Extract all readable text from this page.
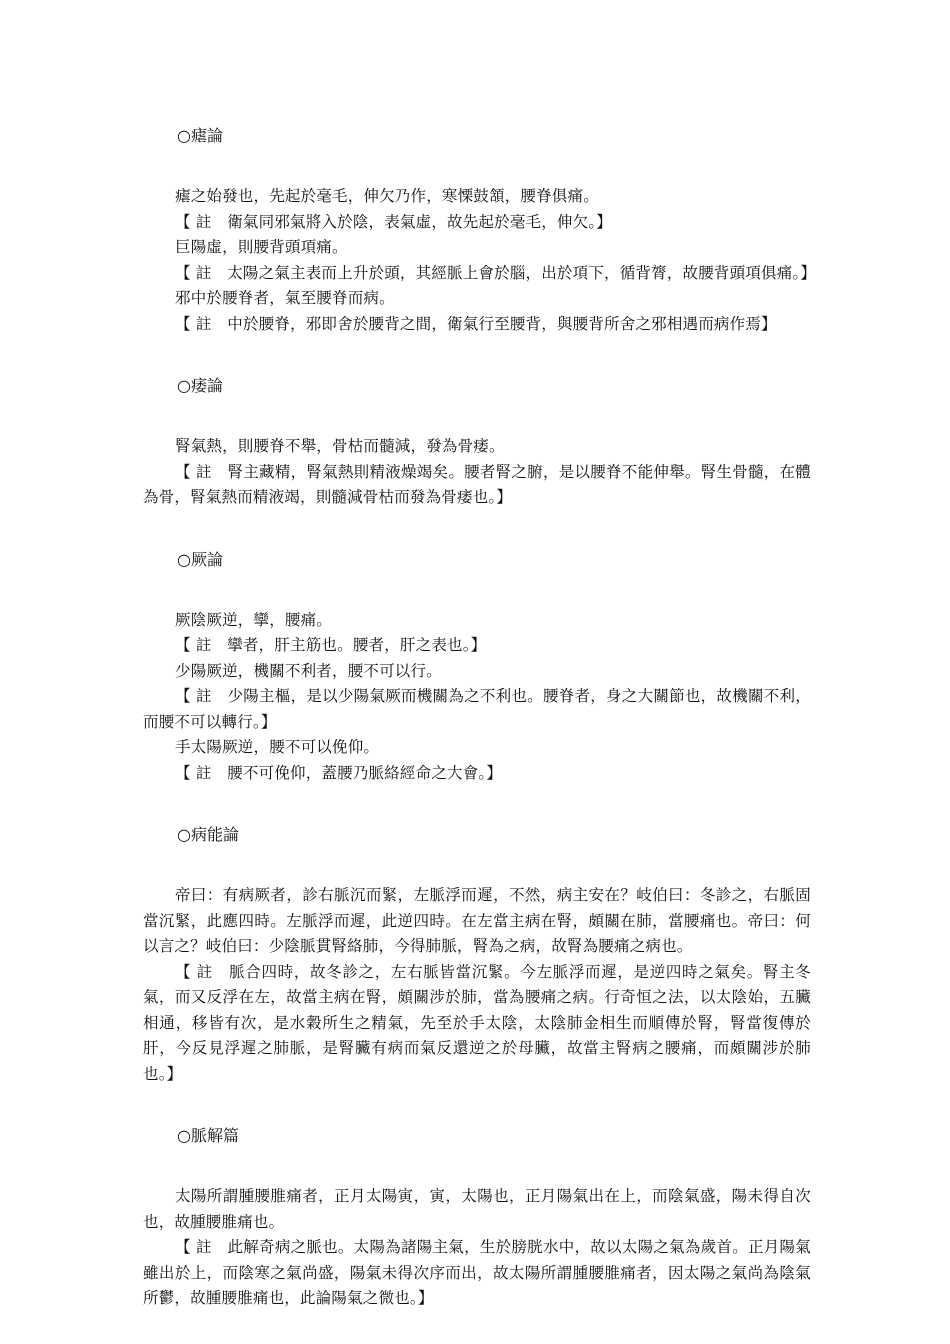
○瘧論

瘧之始發也，先起於毫毛，伸欠乃作，寒慄鼓頷，腰脊俱痛。

【 註　衛氣同邪氣將入於陰，表氣虛，故先起於毫毛，伸欠。】

巨陽虛，則腰背頭項痛。

【 註　太陽之氣主表而上升於頭，其經脈上會於腦，出於項下，循背膂，故腰背頭項俱痛。】

邪中於腰脊者，氣至腰脊而病。

【 註　中於腰脊，邪即舍於腰背之間，衛氣行至腰背，與腰背所舍之邪相遇而病作焉】

○痿論

腎氣熱，則腰脊不舉，骨枯而髓減，發為骨痿。

【 註　腎主藏精，腎氣熱則精液燥竭矣。腰者腎之腑，是以腰脊不能伸舉。腎生骨髓，在體為骨，腎氣熱而精液竭，則髓減骨枯而發為骨痿也。】

○厥論

厥陰厥逆，攣，腰痛。

【 註　攣者，肝主筋也。腰者，肝之表也。】

少陽厥逆，機關不利者，腰不可以行。

【 註　少陽主樞，是以少陽氣厥而機關為之不利也。腰脊者，身之大關節也，故機關不利，而腰不可以轉行。】

手太陽厥逆，腰不可以俛仰。

【 註　腰不可俛仰，蓋腰乃脈絡經命之大會。】

○病能論

帝曰：有病厥者，診右脈沉而緊，左脈浮而遲，不然，病主安在？岐伯曰：冬診之，右脈固當沉緊，此應四時。左脈浮而遲，此逆四時。在左當主病在腎，頗關在肺，當腰痛也。帝曰：何以言之？岐伯曰：少陰脈貫腎絡肺，今得肺脈，腎為之病，故腎為腰痛之病也。

【 註　脈合四時，故冬診之，左右脈皆當沉緊。今左脈浮而遲，是逆四時之氣矣。腎主冬氣，而又反浮在左，故當主病在腎，頗關涉於肺，當為腰痛之病。行奇恒之法，以太陰始，五臟相通，移皆有次，是水穀所生之精氣，先至於手太陰，太陰肺金相生而順傳於腎，腎當復傳於肝，今反見浮遲之肺脈，是腎臟有病而氣反還逆之於母臟，故當主腎病之腰痛，而頗關涉於肺也。】

○脈解篇

太陽所謂腫腰脽痛者，正月太陽寅，寅，太陽也，正月陽氣出在上，而陰氣盛，陽未得自次也，故腫腰脽痛也。

【 註　此解奇病之脈也。太陽為諸陽主氣，生於膀胱水中，故以太陽之氣為歲首。正月陽氣雖出於上，而陰寒之氣尚盛，陽氣未得次序而出，故太陽所謂腫腰脽痛者，因太陽之氣尚為陰氣所鬱，故腫腰脽痛也，此論陽氣之微也。】
